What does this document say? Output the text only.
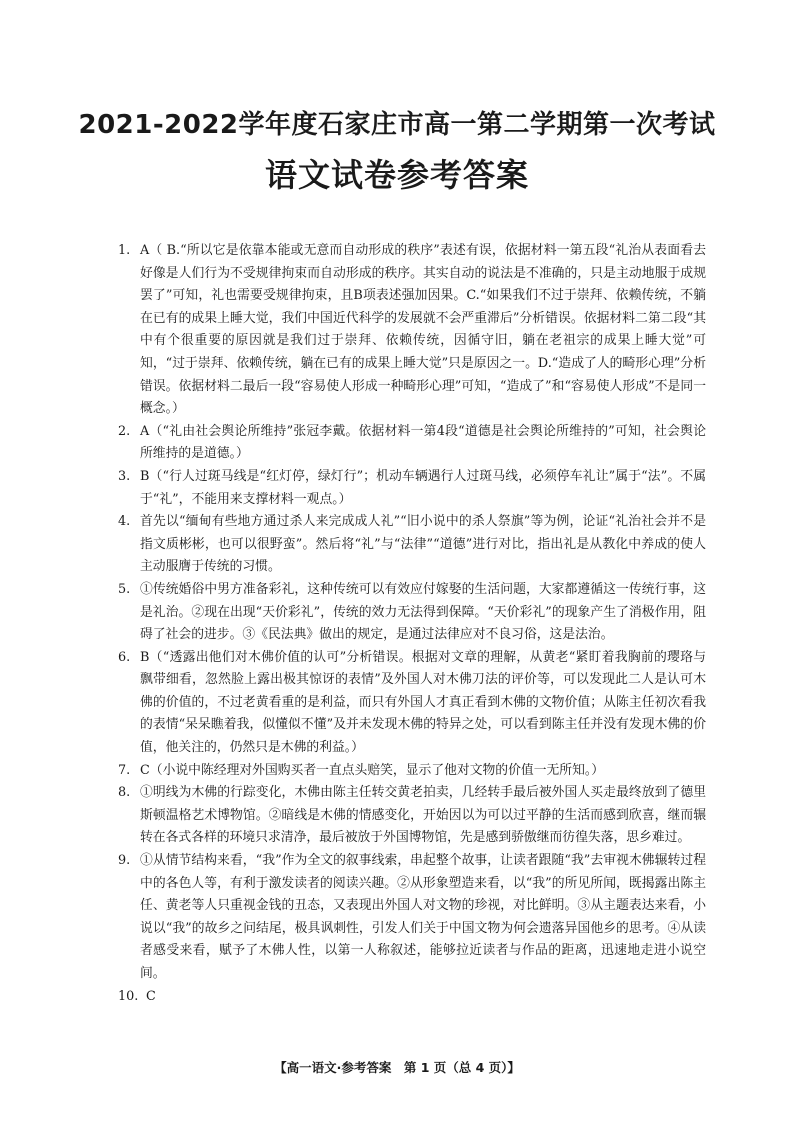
2021-2022学年度石家庄市高一第二学期第一次考试
语文试卷参考答案
1. A（ B.“所以它是依靠本能或无意而自动形成的秩序”表述有误，依据材料一第五段“礼治从表面看去好像是人们行为不受规律拘束而自动形成的秩序。其实自动的说法是不准确的，只是主动地服于成规罢了”可知，礼也需要受规律拘束，且B项表述强加因果。C.“如果我们不过于崇拜、依赖传统，不躺在已有的成果上睡大觉，我们中国近代科学的发展就不会严重滞后”分析错误。依据材料二第二段“其中有个很重要的原因就是我们过于崇拜、依赖传统，因循守旧，躺在老祖宗的成果上睡大觉”可知，“过于崇拜、依赖传统，躺在已有的成果上睡大觉”只是原因之一。D.“造成了人的畸形心理”分析错误。依据材料二最后一段“容易使人形成一种畸形心理”可知，“造成了”和“容易使人形成”不是同一概念。）
2. A（“礼由社会舆论所维持”张冠李戴。依据材料一第4段“道德是社会舆论所维持的”可知，社会舆论所维持的是道德。）
3. B（“行人过斑马线是“红灯停，绿灯行”；机动车辆遇行人过斑马线，必须停车礼让”属于“法”。不属于“礼”，不能用来支撑材料一观点。）
4. 首先以“缅甸有些地方通过杀人来完成成人礼”“旧小说中的杀人祭旗”等为例，论证“礼治社会并不是指文质彬彬，也可以很野蛮”。然后将“礼”与“法律”“道德”进行对比，指出礼是从教化中养成的使人主动服膺于传统的习惯。
5. ①传统婚俗中男方准备彩礼，这种传统可以有效应付嫁娶的生活问题，大家都遵循这一传统行事，这是礼治。②现在出现“天价彩礼”，传统的效力无法得到保障。“天价彩礼”的现象产生了消极作用，阻碍了社会的进步。③《民法典》做出的规定，是通过法律应对不良习俗，这是法治。
6. B（“透露出他们对木佛价值的认可”分析错误。根据对文章的理解，从黄老“紧盯着我胸前的璎珞与飘带细看，忽然脸上露出极其惊讶的表情”及外国人对木佛刀法的评价等，可以发现此二人是认可木佛的价值的，不过老黄看重的是利益，而只有外国人才真正看到木佛的文物价值；从陈主任初次看我的表情“呆呆瞧着我，似懂似不懂”及并未发现木佛的特异之处，可以看到陈主任并没有发现木佛的价值，他关注的，仍然只是木佛的利益。）
7. C（小说中陈经理对外国购买者一直点头赔笑，显示了他对文物的价值一无所知。）
8. ①明线为木佛的行踪变化，木佛由陈主任转交黄老拍卖，几经转手最后被外国人买走最终放到了德里斯顿温格艺术博物馆。②暗线是木佛的情感变化，开始因以为可以过平静的生活而感到欣喜，继而辗转在各式各样的环境只求清净，最后被放于外国博物馆，先是感到骄傲继而彷徨失落，思乡难过。
9. ①从情节结构来看，“我”作为全文的叙事线索，串起整个故事，让读者跟随“我”去审视木佛辗转过程中的各色人等，有利于激发读者的阅读兴趣。②从形象塑造来看，以“我”的所见所闻，既揭露出陈主任、黄老等人只重视金钱的丑态，又表现出外国人对文物的珍视，对比鲜明。③从主题表达来看，小说以“我”的故乡之问结尾，极具讽刺性，引发人们关于中国文物为何会遗落异国他乡的思考。④从读者感受来看，赋予了木佛人性，以第一人称叙述，能够拉近读者与作品的距离，迅速地走进小说空间。
10. C
【高一语文·参考答案　第 1 页（总 4 页）】
